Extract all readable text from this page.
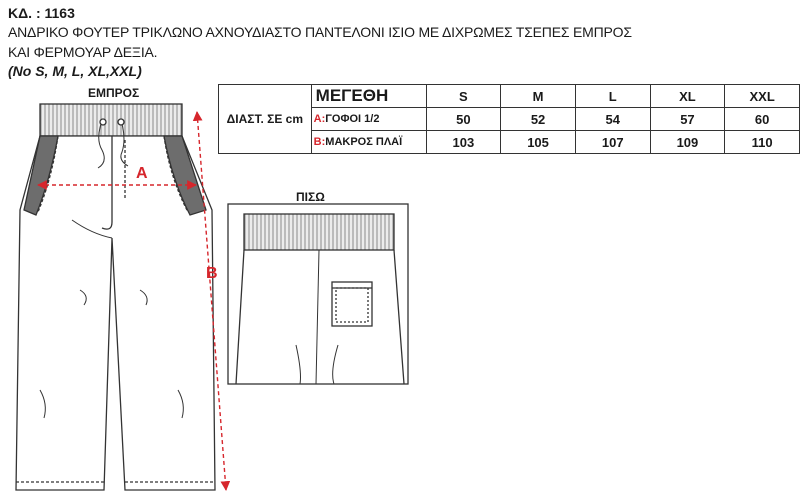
ΚΔ. : 1163
ΑΝΔΡΙΚΟ ΦΟΥΤΕΡ ΤΡΙΚΛΩΝΟ ΑΧΝΟΥΔΙΑΣΤΟ ΠΑΝΤΕΛΟΝΙ ΙΣΙΟ ΜΕ ΔΙΧΡΩΜΕΣ ΤΣΕΠΕΣ ΕΜΠΡΟΣ
ΚΑΙ ΦΕΡΜΟΥΑΡ ΔΕΞΙΑ.
(No S, M, L, XL,XXL)
ΕΜΠΡΟΣ
ΠΙΣΩ
A
B
ΔΙΑΣΤ. ΣΕ cm	ΜΕΓΕΘΗ	S	M	L	XL	XXL
	A:ΓΟΦΟΙ 1/2	50	52	54	57	60
	B:ΜΑΚΡΟΣ ΠΛΑΪ	103	105	107	109	110
